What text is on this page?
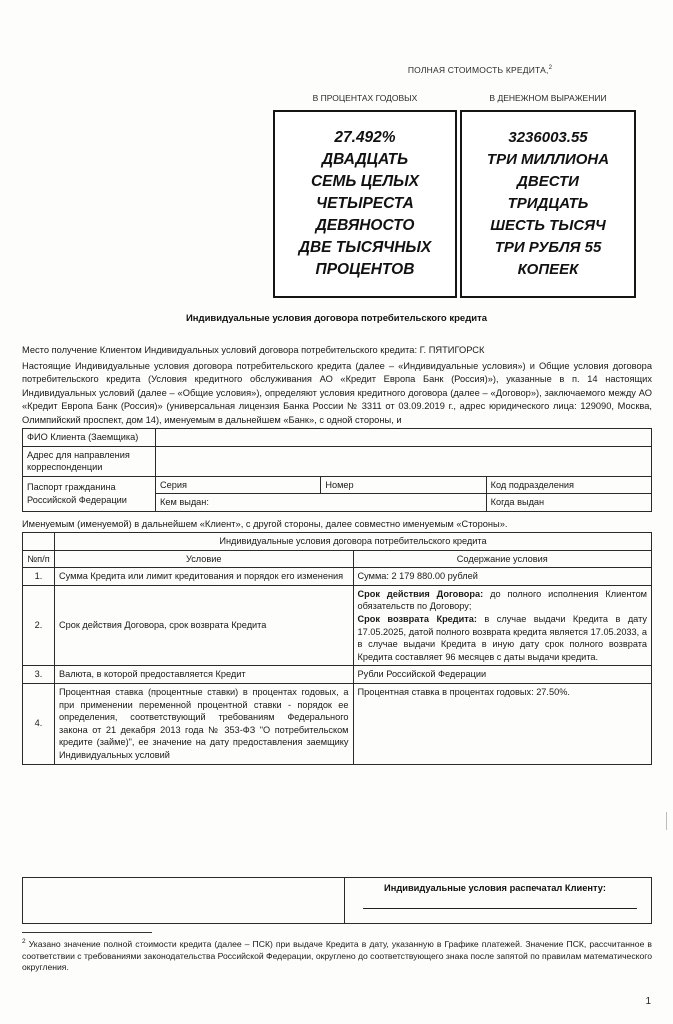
ПОЛНАЯ СТОИМОСТЬ КРЕДИТА,$^2$
В ПРОЦЕНТАХ ГОДОВЫХ	В ДЕНЕЖНОМ ВЫРАЖЕНИИ
27.492%
ДВАДЦАТЬ
СЕМЬ ЦЕЛЫХ
ЧЕТЫРЕСТА
ДЕВЯНОСТО
ДВЕ ТЫСЯЧНЫХ
ПРОЦЕНТОВ
3236003.55
ТРИ МИЛЛИОНА
ДВЕСТИ
ТРИДЦАТЬ
ШЕСТЬ ТЫСЯЧ
ТРИ РУБЛЯ 55
КОПЕЕК
Индивидуальные условия договора потребительского кредита
Место получение Клиентом Индивидуальных условий договора потребительского кредита: Г. ПЯТИГОРСК
Настоящие Индивидуальные условия договора потребительского кредита (далее – «Индивидуальные условия») и Общие условия договора потребительского кредита (Условия кредитного обслуживания АО «Кредит Европа Банк (Россия)»), указанные в п. 14 настоящих Индивидуальных условий (далее – «Общие условия»), определяют условия кредитного договора (далее – «Договор»), заключаемого между АО «Кредит Европа Банк (Россия)» (универсальная лицензия Банка России № 3311 от 03.09.2019 г., адрес юридического лица: 129090, Москва, Олимпийский проспект, дом 14), именуемым в дальнейшем «Банк», с одной стороны, и
ФИО Клиента (Заемщика)			
Адрес для направления корреспонденции			
Паспорт гражданина Российской Федерации	Серия	Номер	Код подразделения
	Кем выдан:		Когда выдан
Именуемым (именуемой) в дальнейшем «Клиент», с другой стороны, далее совместно именуемым «Стороны».
	Индивидуальные условия договора потребительского кредита	
№п/п	Условие	Содержание условия
1.	Сумма Кредита или лимит кредитования и порядок его изменения	Сумма: 2 179 880.00 рублей
2.	Срок действия Договора, срок возврата Кредита	Срок действия Договора: до полного исполнения Клиентом обязательств по Договору;
Срок возврата Кредита: в случае выдачи Кредита в дату 17.05.2025, датой полного возврата кредита является 17.05.2033, а в случае выдачи Кредита в иную дату срок полного возврата Кредита составляет 96 месяцев с даты выдачи кредита.
3.	Валюта, в которой предоставляется Кредит	Рубли Российской Федерации
4.	Процентная ставка (процентные ставки) в процентах годовых, а при применении переменной процентной ставки - порядок ее определения, соответствующий требованиям Федерального закона от 21 декабря 2013 года № 353-ФЗ "О потребительском кредите (займе)", ее значение на дату предоставления заемщику Индивидуальных условий	Процентная ставка в процентах годовых: 27.50%.
Индивидуальные условия распечатал Клиенту:
$^2$ Указано значение полной стоимости кредита (далее – ПСК) при выдаче Кредита в дату, указанную в Графике платежей. Значение ПСК, рассчитанное в соответствии с требованиями законодательства Российской Федерации, округлено до соответствующего знака после запятой по правилам математического округления.
1
